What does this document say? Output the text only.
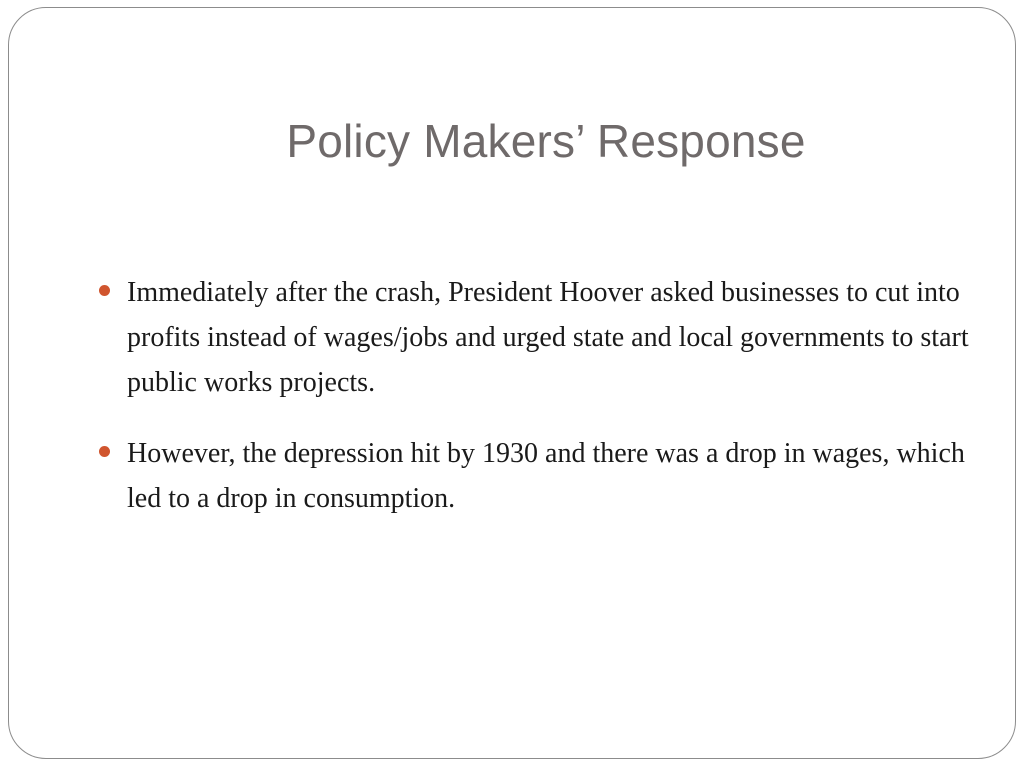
Policy Makers’ Response
Immediately after the crash, President Hoover asked businesses to cut into profits instead of wages/jobs and urged state and local governments to start public works projects.
However, the depression hit by 1930 and there was a drop in wages, which led to a drop in consumption.
